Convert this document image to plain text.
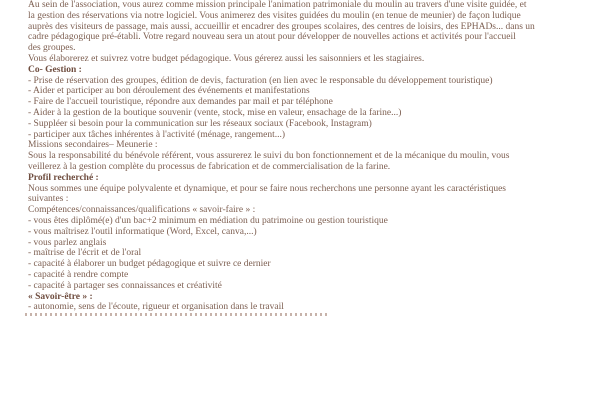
Au sein de l'association, vous aurez comme mission principale l'animation patrimoniale du moulin au travers d'une visite guidée, et

la gestion des réservations via notre logiciel. Vous animerez des visites guidées du moulin (en tenue de meunier) de façon ludique

auprès des visiteurs de passage, mais aussi, accueillir et encadrer des groupes scolaires, des centres de loisirs, des EPHADs... dans un

cadre pédagogique pré-établi. Votre regard nouveau sera un atout pour développer de nouvelles actions et activités pour l'accueil

des groupes.

Vous élaborerez et suivrez votre budget pédagogique. Vous gérerez aussi les saisonniers et les stagiaires.

Co- Gestion :

- Prise de réservation des groupes, édition de devis, facturation (en lien avec le responsable du développement touristique)

- Aider et participer au bon déroulement des événements et manifestations

- Faire de l'accueil touristique, répondre aux demandes par mail et par téléphone

- Aider à la gestion de la boutique souvenir (vente, stock, mise en valeur, ensachage de la farine...)

- Suppléer si besoin pour la communication sur les réseaux sociaux (Facebook, Instagram)

- participer aux tâches inhérentes à l'activité (ménage, rangement...)

Missions secondaires– Meunerie :

Sous la responsabilité du bénévole référent, vous assurerez le suivi du bon fonctionnement et de la mécanique du moulin, vous

veillerez à la gestion complète du processus de fabrication et de commercialisation de la farine.

Profil recherché :

Nous sommes une équipe polyvalente et dynamique, et pour se faire nous recherchons une personne ayant les caractéristiques

suivantes :

Compétences/connaissances/qualifications « savoir-faire » :

- vous êtes diplômé(e) d'un bac+2 minimum en médiation du patrimoine ou gestion touristique

- vous maîtrisez l'outil informatique (Word, Excel, canva,...)

- vous parlez anglais

- maîtrise de l'écrit et de l'oral

- capacité à élaborer un budget pédagogique et suivre ce dernier

- capacité à rendre compte

- capacité à partager ses connaissances et créativité

« Savoir-être » :

- autonomie, sens de l'écoute, rigueur et organisation dans le travail
